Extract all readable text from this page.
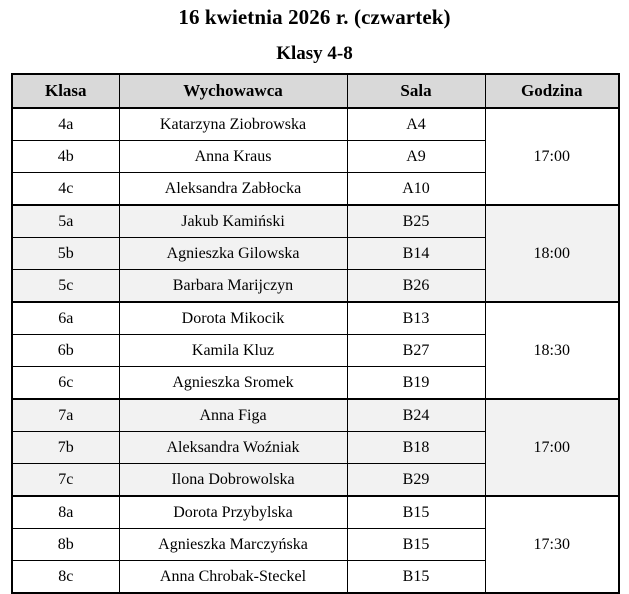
16 kwietnia 2026 r. (czwartek)
Klasy 4-8
Klasa	Wychowawca	Sala	Godzina
4a	Katarzyna Ziobrowska	A4	17:00
4b	Anna Kraus	A9	
4c	Aleksandra Zabłocka	A10	
5a	Jakub Kamiński	B25	18:00
5b	Agnieszka Gilowska	B14	
5c	Barbara Marijczyn	B26	
6a	Dorota Mikocik	B13	18:30
6b	Kamila Kluz	B27	
6c	Agnieszka Sromek	B19	
7a	Anna Figa	B24	17:00
7b	Aleksandra Woźniak	B18	
7c	Ilona Dobrowolska	B29	
8a	Dorota Przybylska	B15	17:30
8b	Agnieszka Marczyńska	B15	
8c	Anna Chrobak-Steckel	B15	
